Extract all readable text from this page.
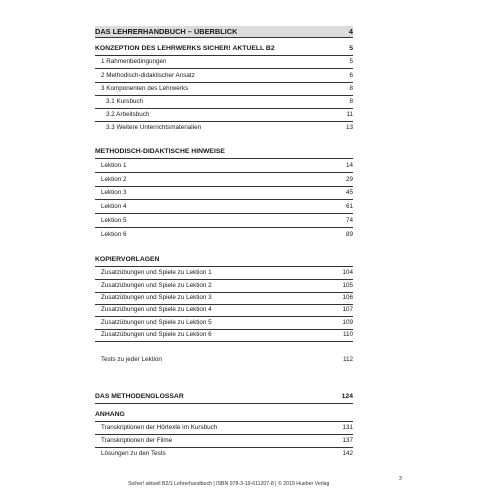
DAS LEHRERHANDBUCH – ÜBERBLICK	4
KONZEPTION DES LEHRWERKS SICHER! AKTUELL B2	5
1 Rahmenbedingungen	5
2 Methodisch-didaktischer Ansatz	6
3 Komponenten des Lehrwerks	8
3.1 Kursbuch	8
3.2 Arbeitsbuch	11
3.3 Weitere Unterrichtsmaterialien	13
METHODISCH-DIDAKTISCHE HINWEISE
Lektion 1	14
Lektion 2	29
Lektion 3	45
Lektion 4	61
Lektion 5	74
Lektion 6	89
KOPIERVORLAGEN
Zusatzübungen und Spiele zu Lektion 1	104
Zusatzübungen und Spiele zu Lektion 2	105
Zusatzübungen und Spiele zu Lektion 3	106
Zusatzübungen und Spiele zu Lektion 4	107
Zusatzübungen und Spiele zu Lektion 5	109
Zusatzübungen und Spiele zu Lektion 6	110
Tests zu jeder Lektion	112
DAS METHODENGLOSSAR	124
ANHANG
Transkriptionen der Hörtexte im Kursbuch	131
Transkriptionen der Filme	137
Lösungen zu den Tests	142
Sicher! aktuell B2/1 Lehrerhandbuch | ISBN 978-3-19-611207-8 | © 2019 Hueber Verlag
3
